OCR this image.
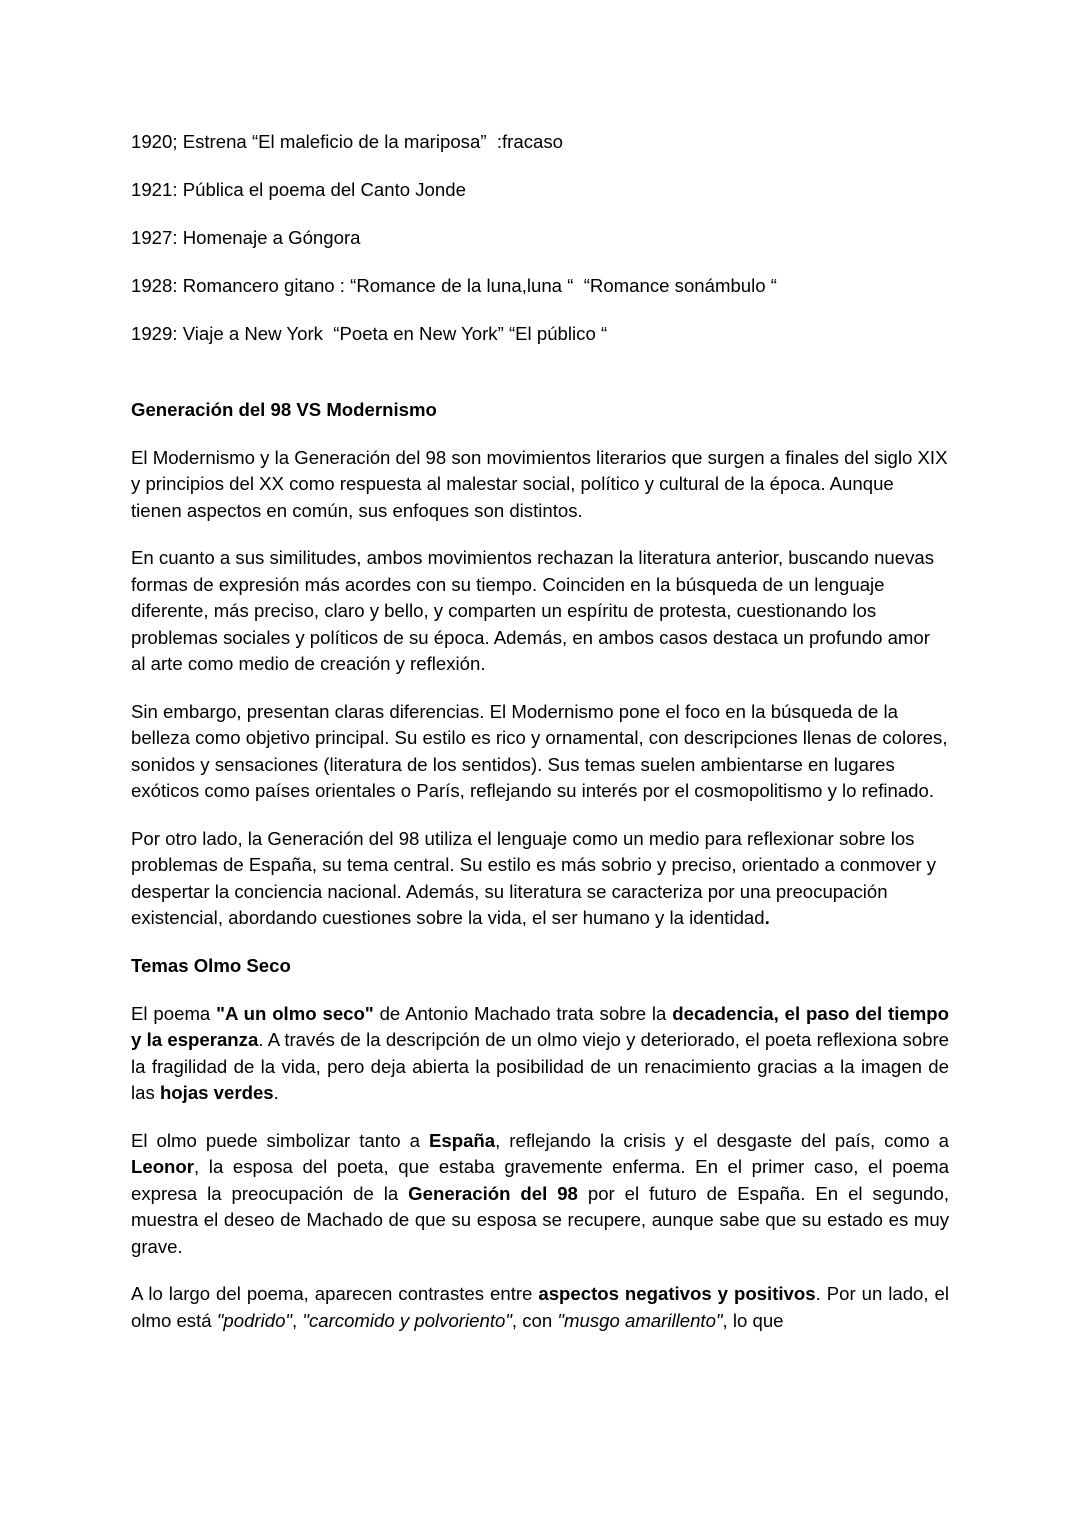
1920; Estrena “El maleficio de la mariposa”  :fracaso
1921: Pública el poema del Canto Jonde
1927: Homenaje a Góngora
1928: Romancero gitano : “Romance de la luna,luna “  “Romance sonámbulo “
1929: Viaje a New York  “Poeta en New York” “El público “
Generación del 98 VS Modernismo

El Modernismo y la Generación del 98 son movimientos literarios que surgen a finales del siglo XIX y principios del XX como respuesta al malestar social, político y cultural de la época. Aunque tienen aspectos en común, sus enfoques son distintos.

En cuanto a sus similitudes, ambos movimientos rechazan la literatura anterior, buscando nuevas formas de expresión más acordes con su tiempo. Coinciden en la búsqueda de un lenguaje diferente, más preciso, claro y bello, y comparten un espíritu de protesta, cuestionando los problemas sociales y políticos de su época. Además, en ambos casos destaca un profundo amor al arte como medio de creación y reflexión.

Sin embargo, presentan claras diferencias. El Modernismo pone el foco en la búsqueda de la belleza como objetivo principal. Su estilo es rico y ornamental, con descripciones llenas de colores, sonidos y sensaciones (literatura de los sentidos). Sus temas suelen ambientarse en lugares exóticos como países orientales o París, reflejando su interés por el cosmopolitismo y lo refinado.

Por otro lado, la Generación del 98 utiliza el lenguaje como un medio para reflexionar sobre los problemas de España, su tema central. Su estilo es más sobrio y preciso, orientado a conmover y despertar la conciencia nacional. Además, su literatura se caracteriza por una preocupación existencial, abordando cuestiones sobre la vida, el ser humano y la identidad.

Temas Olmo Seco

El poema "A un olmo seco" de Antonio Machado trata sobre la decadencia, el paso del tiempo y la esperanza. A través de la descripción de un olmo viejo y deteriorado, el poeta reflexiona sobre la fragilidad de la vida, pero deja abierta la posibilidad de un renacimiento gracias a la imagen de las hojas verdes.

El olmo puede simbolizar tanto a España, reflejando la crisis y el desgaste del país, como a Leonor, la esposa del poeta, que estaba gravemente enferma. En el primer caso, el poema expresa la preocupación de la Generación del 98 por el futuro de España. En el segundo, muestra el deseo de Machado de que su esposa se recupere, aunque sabe que su estado es muy grave.

A lo largo del poema, aparecen contrastes entre aspectos negativos y positivos. Por un lado, el olmo está "podrido", "carcomido y polvoriento", con "musgo amarillento", lo que
